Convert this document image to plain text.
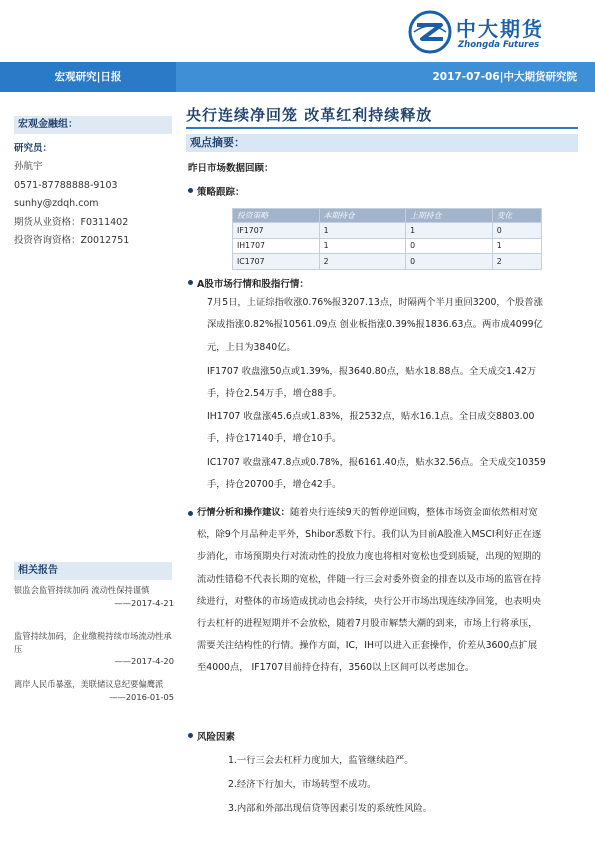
中大期货
Zhongda Futures
宏观研究|日报	2017-07-06|中大期货研究院
宏观金融组：
研究员：
孙航宇
0571-87788888-9103
sunhy@zdqh.com
期货从业资格：F0311402
投资咨询资格：Z0012751
相关报告
银监会监管持续加码 流动性保持谨慎
——2017-4-21
监管持续加码，企业缴税持续市场流动性承压
——2017-4-20
离岸人民币暴涨，美联储议息纪要偏鹰派
——2016-01-05
央行连续净回笼 改革红利持续释放
观点摘要：
昨日市场数据回顾：
策略跟踪：
投资策略	本期持仓	上期持仓	变化
IF1707	1	1	0
IH1707	1	0	1
IC1707	2	0	2
A股市场行情和股指行情：
7月5日，上证综指收涨0.76%报3207.13点，时隔两个半月重回3200，个股普涨 深成指涨0.82%报10561.09点 创业板指涨0.39%报1836.63点。两市成4099亿元，上日为3840亿。
IF1707 收盘涨50点或1.39%，报3640.80点，贴水18.88点。全天成交1.42万手，持仓2.54万手，增仓88手。
IH1707 收盘涨45.6点或1.83%，报2532点，贴水16.1点。全日成交8803.00手，持仓17140手，增仓10手。
IC1707 收盘涨47.8点或0.78%，报6161.40点，贴水32.56点。全天成交10359手，持仓20700手，增仓42手。
行情分析和操作建议：随着央行连续9天的暂停逆回购，整体市场资金面依然相对宽松，除9个月品种走平外，Shibor悉数下行。我们认为目前A股准入MSCI利好正在逐步消化，市场预期央行对流动性的投放力度也将相对宽松也受到质疑，出现的短期的流动性错稳不代表长期的宽松，伴随一行三会对委外资金的排查以及市场的监管在持续进行，对整体的市场造成扰动也会持续，央行公开市场出现连续净回笼，也表明央行去杠杆的进程短期并不会放松，随着7月股市解禁大潮的到来，市场上行将承压，需要关注结构性的行情。操作方面，IC，IH可以进入正套操作，价差从3600点扩展至4000点， IF1707目前持仓持有，3560以上区间可以考虑加仓。
风险因素
1.一行三会去杠杆力度加大，监管继续趋严。
2.经济下行加大，市场转型不成功。
3.内部和外部出现信贷等因素引发的系统性风险。
